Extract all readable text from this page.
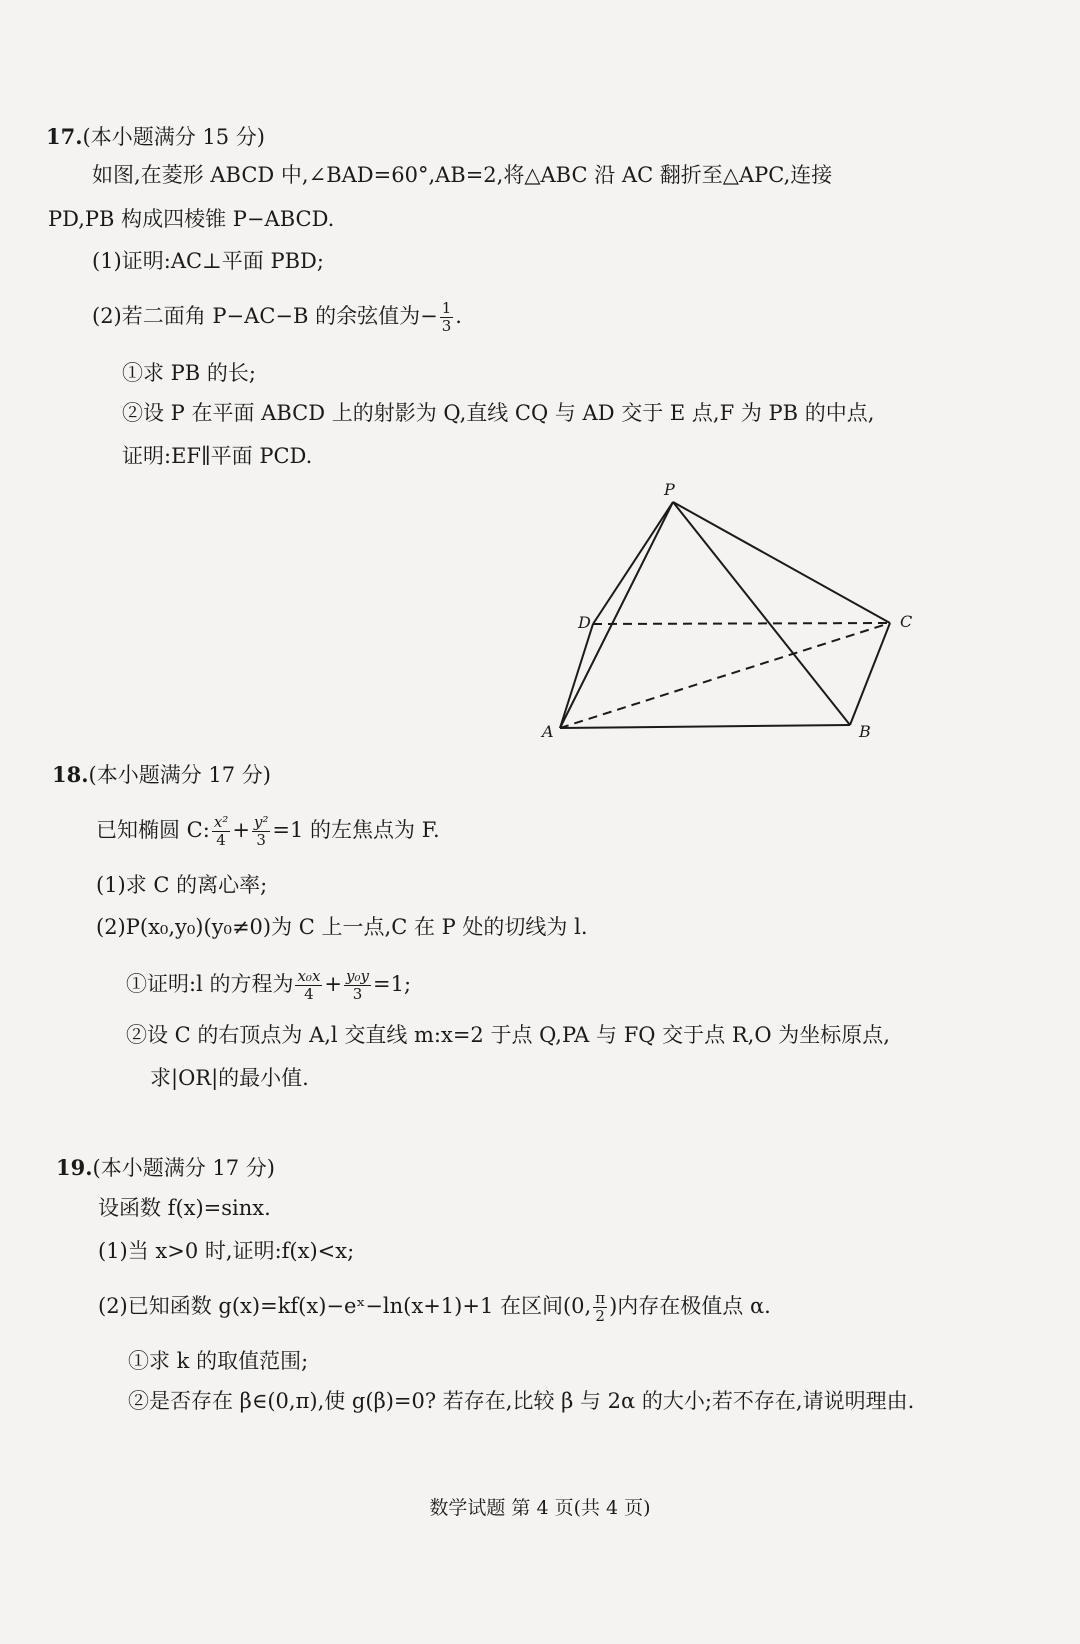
17.(本小题满分 15 分)
如图,在菱形 ABCD 中,∠BAD=60°,AB=2,将△ABC 沿 AC 翻折至△APC,连接
PD,PB 构成四棱锥 P−ABCD.
(1)证明:AC⊥平面 PBD;
(2)若二面角 P−AC−B 的余弦值为− $\frac{1}{3}$ .
①求 PB 的长;
②设 P 在平面 ABCD 上的射影为 Q,直线 CQ 与 AD 交于 E 点,F 为 PB 的中点,
证明:EF∥平面 PCD.
P
D	C
A	B
18.(本小题满分 17 分)
已知椭圆 C: $\frac{\text{x²}}{4} + \frac{\text{y²}}{3} =1$ 的左焦点为 F.
(1)求 C 的离心率;
(2)P(x₀,y₀)(y₀≠0)为 C 上一点,C 在 P 处的切线为 l.
①证明:l 的方程为 $\frac{\text{x₀x}}{4} + \frac{\text{y₀y}}{3} =1$;
②设 C 的右顶点为 A,l 交直线 m:x=2 于点 Q,PA 与 FQ 交于点 R,O 为坐标原点,
求|OR|的最小值.
19.(本小题满分 17 分)
设函数 f(x)=sinx.
(1)当 x>0 时,证明:f(x)<x;
(2)已知函数 g(x)=kf(x)−eˣ−ln(x+1)+1 在区间(0, $\frac{\pi}{2}$ )内存在极值点 α.
①求 k 的取值范围;
②是否存在 β∈(0,π),使 g(β)=0? 若存在,比较 β 与 2α 的大小;若不存在,请说明理由.
数学试题 第 4 页(共 4 页)
